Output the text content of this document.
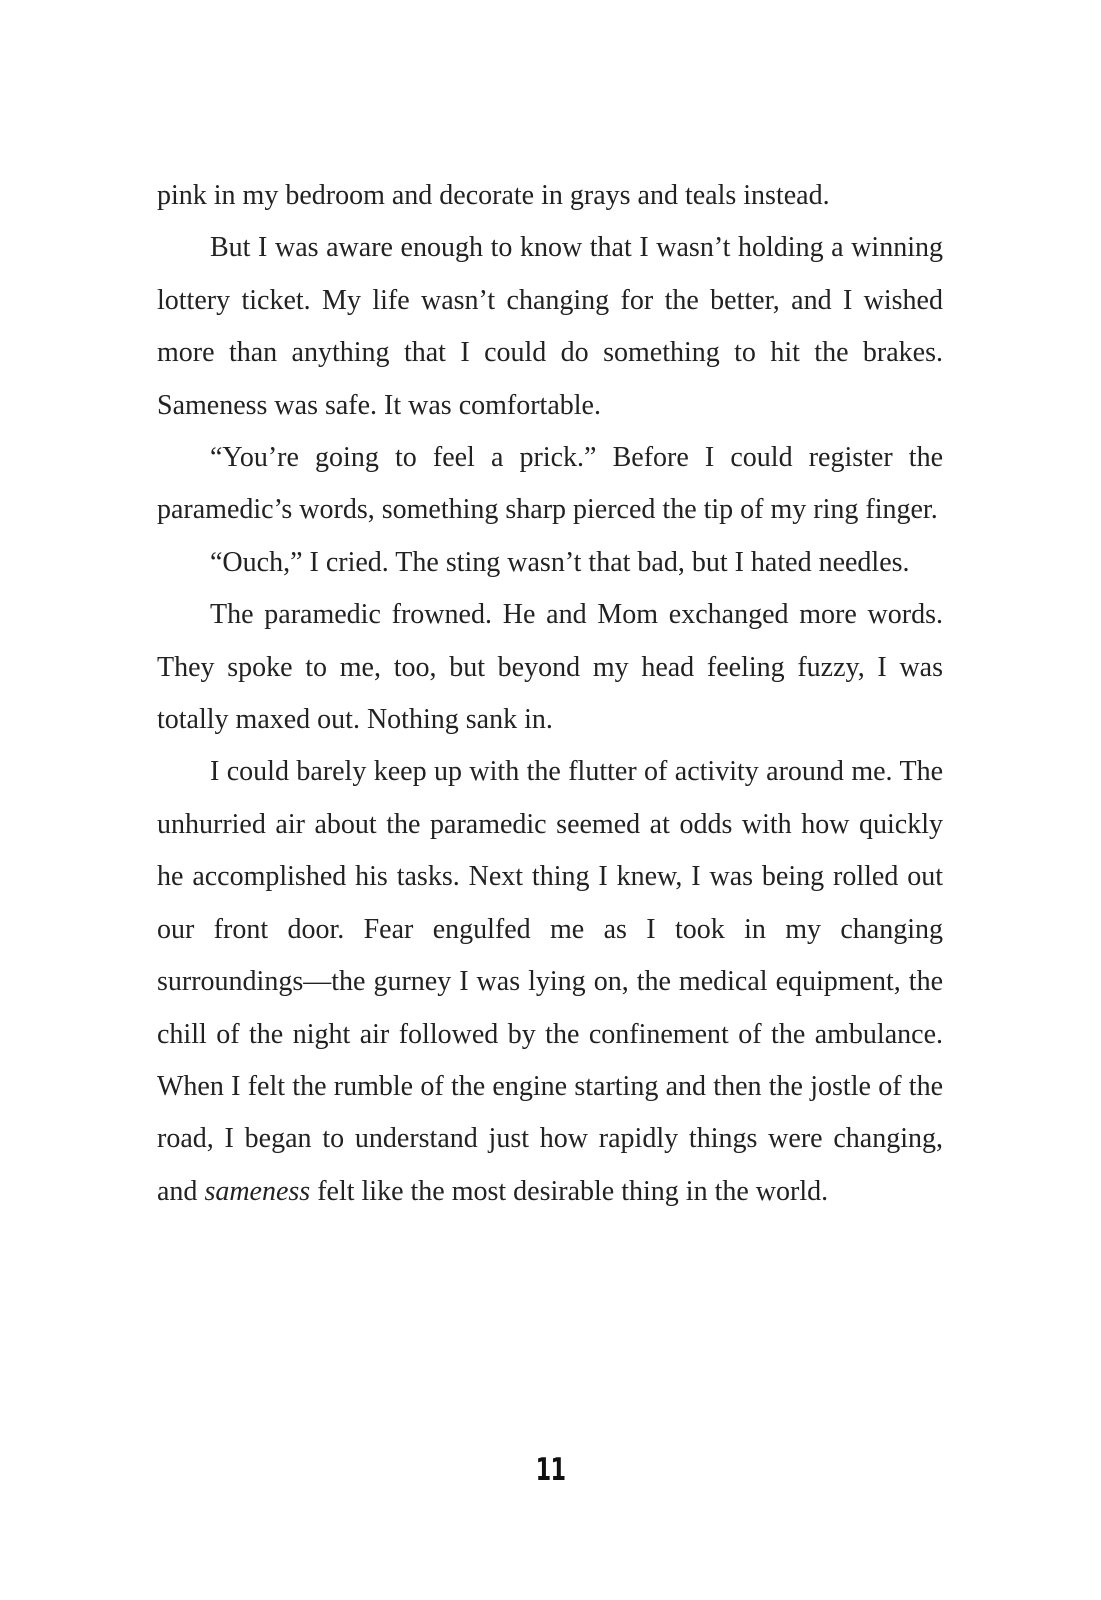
pink in my bedroom and decorate in grays and teals instead.

But I was aware enough to know that I wasn’t holding a winning lottery ticket. My life wasn’t changing for the better, and I wished more than anything that I could do something to hit the brakes. Sameness was safe. It was comfortable.

“You’re going to feel a prick.” Before I could register the paramedic’s words, something sharp pierced the tip of my ring finger.

“Ouch,” I cried. The sting wasn’t that bad, but I hated needles.

The paramedic frowned. He and Mom exchanged more words. They spoke to me, too, but beyond my head feeling fuzzy, I was totally maxed out. Nothing sank in.

I could barely keep up with the flutter of activity around me. The unhurried air about the paramedic seemed at odds with how quickly he accomplished his tasks. Next thing I knew, I was being rolled out our front door. Fear engulfed me as I took in my changing surroundings—the gurney I was lying on, the medical equipment, the chill of the night air followed by the confinement of the ambulance. When I felt the rumble of the engine starting and then the jostle of the road, I began to understand just how rapidly things were changing, and sameness felt like the most desirable thing in the world.

11
